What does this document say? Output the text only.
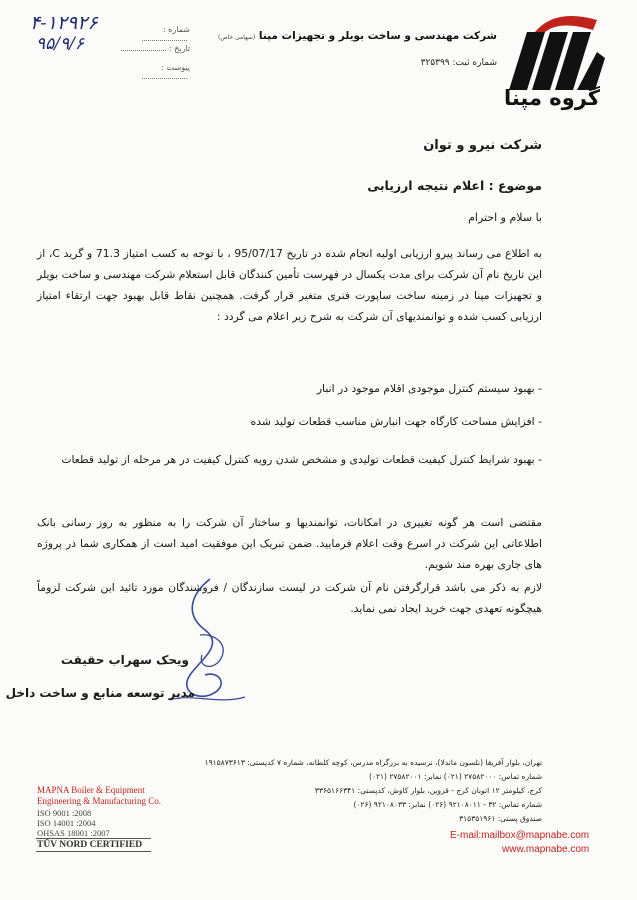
۴-۱۲۹۲۶
۹۵/۹/۶
شماره :
تاریخ :
پیوست :
شرکت مهندسی و ساخت بویلر و تجهیزات مپنا (سهامی خاص)
شماره ثبت: ۳۲۵۳۹۹
گروه مپنا
شرکت نیرو و توان
موضوع : اعلام نتیجه ارزیابی
با سلام و احترام
به اطلاع می رساند پیرو ارزیابی اولیه انجام شده در تاریخ 95/07/17 ، با توجه به کسب امتیاز 71.3 و گرید C، از این تاریخ نام آن شرکت برای مدت یکسال در فهرست تأمین کنندگان قابل استعلام شرکت مهندسی و ساخت بویلر و تجهیزات مپنا در زمینه ساخت ساپورت فنری متغیر قرار گرفت. همچنین نقاط قابل بهبود جهت ارتقاء امتیاز ارزیابی کسب شده و توانمندیهای آن شرکت به شرح زیر اعلام می گردد :
- بهبود سیستم کنترل موجودی اقلام موجود در انبار
- افزایش مساحت کارگاه جهت انبارش مناسب قطعات تولید شده
- بهبود شرایط کنترل کیفیت قطعات تولیدی و مشخص شدن رویه کنترل کیفیت در هر مرحله از تولید قطعات
مقتضی است هر گونه تغییری در امکانات، توانمندیها و ساختار آن شرکت را به منظور به روز رسانی بانک اطلاعاتی این شرکت در اسرع وقت اعلام فرمایید. ضمن تبریک این موفقیت امید است از همکاری شما در پروژه های جاری بهره مند شویم.
لازم به ذکر می باشد قرارگرفتن نام آن شرکت در لیست سازندگان / فروشندگان مورد تائید این شرکت لزوماً هیچگونه تعهدی جهت خرید ایجاد نمی نماید.
ویحک سهراب حقیقت
مدیر توسعه منابع و ساخت داخل
تهران، بلوار آفریقا (نلسون ماندلا)، نرسیده به بزرگراه مدرس، کوچه کلطانه، شماره ۷ کدپستی: ۱۹۱۵۸۷۳۶۱۳
شماره تماس: ۲۷۵۸۲۰۰۰ (۰۲۱) نمابر: ۲۷۵۸۲۰۰۱ (۰۲۱)
کرج، کیلومتر ۱۲ اتوبان کرج - قزوین، بلوار کاوش، کدپستی: ۳۳۶۵۱۶۶۳۴۱
شماره تماس: ۳۲ - ۹۲۱۰۸۰۱۱ (۰۲۶) نمابر: ۹۲۱۰۸۰۳۳ (۰۲۶)
صندوق پستی: ۳۱۵۳۵۱۹۶۱
E-mail:mailbox@mapnabe.com
www.mapnabe.com
MAPNA Boiler & Equipment
Engineering & Manufacturing Co.
ISO 9001 :2008
ISO 14001 :2004
OHSAS 18001 :2007
TÜV NORD CERTIFIED
